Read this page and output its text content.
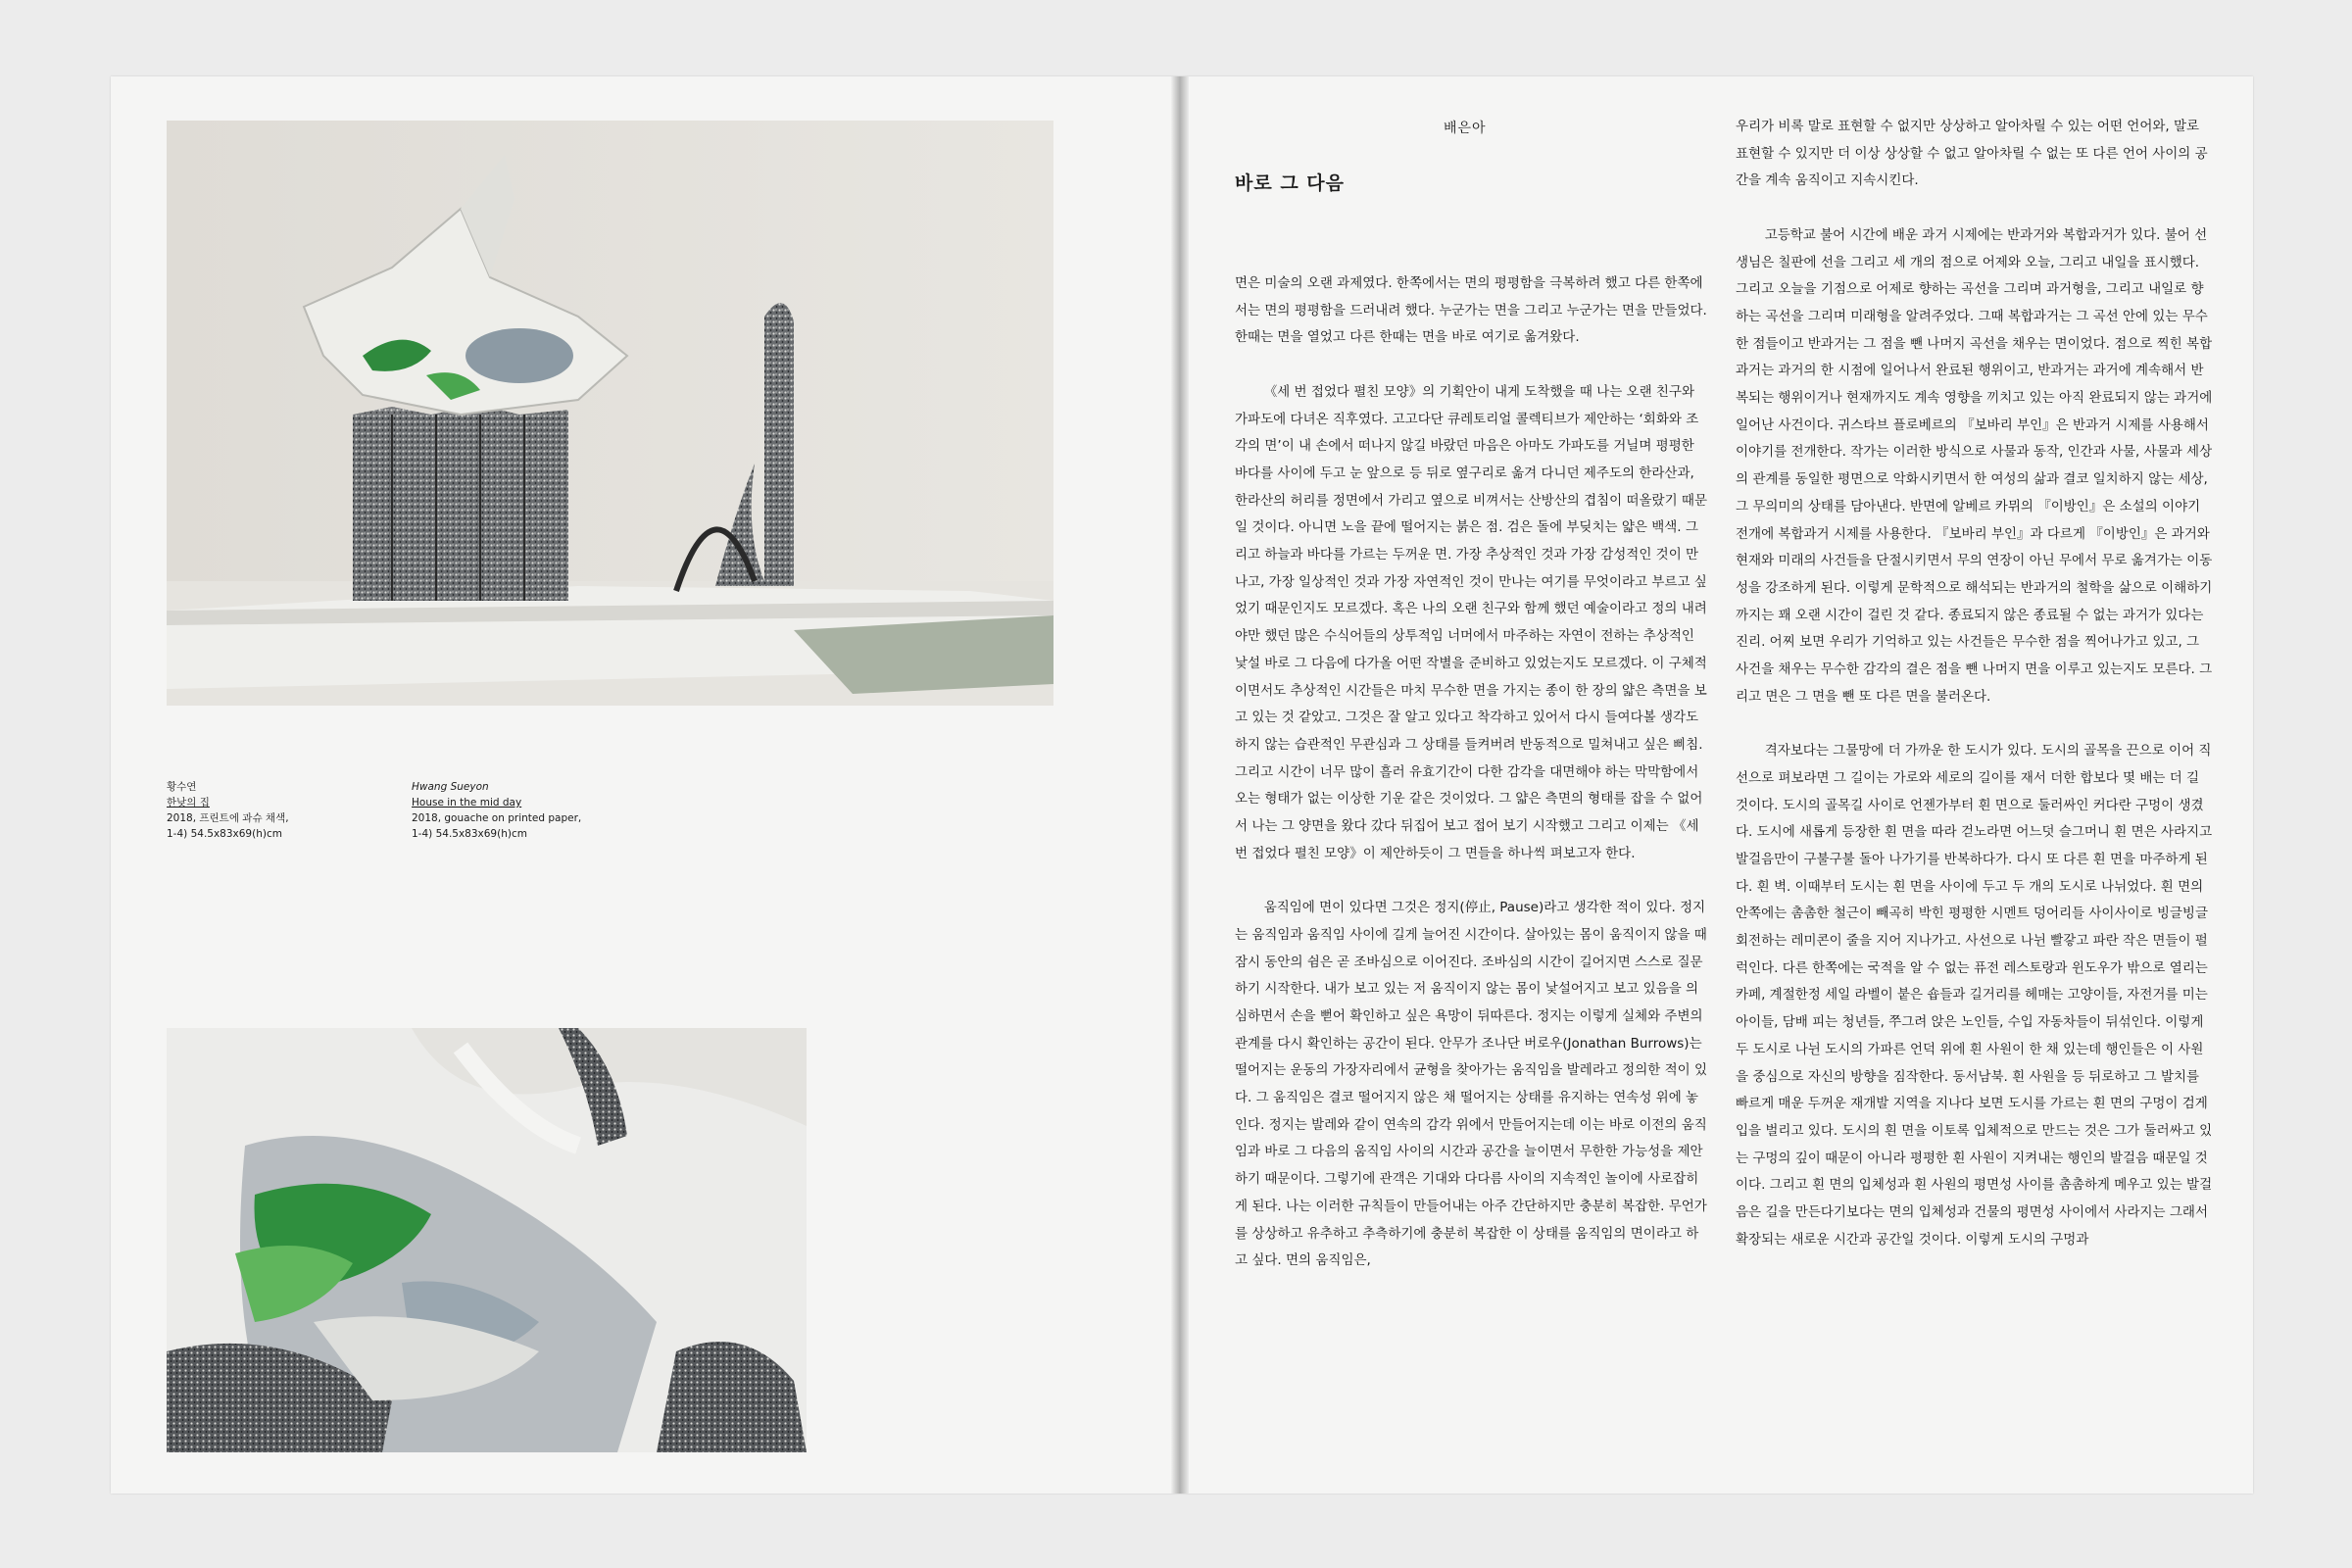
황수연
한낮의 집
2018, 프린트에 과슈 채색,
1-4) 54.5x83x69(h)cm
Hwang Sueyon
House in the mid day
2018, gouache on printed paper,
1-4) 54.5x83x69(h)cm
배은아
바로 그 다음

면은 미술의 오랜 과제였다. 한쪽에서는 면의 평평함을 극복하려 했고 다른 한쪽에서는 면의 평평함을 드러내려 했다. 누군가는 면을 그리고 누군가는 면을 만들었다. 한때는 면을 열었고 다른 한때는 면을 바로 여기로 옮겨왔다.

《세 번 접었다 펼친 모양》의 기획안이 내게 도착했을 때 나는 오랜 친구와 가파도에 다녀온 직후였다. 고고다단 큐레토리얼 콜렉티브가 제안하는 ‘회화와 조각의 면’이 내 손에서 떠나지 않길 바랐던 마음은 아마도 가파도를 거닐며 평평한 바다를 사이에 두고 눈 앞으로 등 뒤로 옆구리로 옮겨 다니던 제주도의 한라산과, 한라산의 허리를 정면에서 가리고 옆으로 비껴서는 산방산의 겹침이 떠올랐기 때문일 것이다. 아니면 노을 끝에 떨어지는 붉은 점. 검은 돌에 부딪치는 얇은 백색. 그리고 하늘과 바다를 가르는 두꺼운 면. 가장 추상적인 것과 가장 감성적인 것이 만나고, 가장 일상적인 것과 가장 자연적인 것이 만나는 여기를 무엇이라고 부르고 싶었기 때문인지도 모르겠다. 혹은 나의 오랜 친구와 함께 했던 예술이라고 정의 내려야만 했던 많은 수식어들의 상투적임 너머에서 마주하는 자연이 전하는 추상적인 낯설 바로 그 다음에 다가올 어떤 작별을 준비하고 있었는지도 모르겠다. 이 구체적이면서도 추상적인 시간들은 마치 무수한 면을 가지는 종이 한 장의 얇은 측면을 보고 있는 것 같았고. 그것은 잘 알고 있다고 착각하고 있어서 다시 들여다볼 생각도 하지 않는 습관적인 무관심과 그 상태를 들켜버려 반동적으로 밀쳐내고 싶은 삐침. 그리고 시간이 너무 많이 흘러 유효기간이 다한 감각을 대면해야 하는 막막함에서 오는 형태가 없는 이상한 기운 같은 것이었다. 그 얇은 측면의 형태를 잡을 수 없어서 나는 그 양면을 왔다 갔다 뒤집어 보고 접어 보기 시작했고 그리고 이제는 《세 번 접었다 펼친 모양》이 제안하듯이 그 면들을 하나씩 펴보고자 한다.

움직임에 면이 있다면 그것은 정지(停止, Pause)라고 생각한 적이 있다. 정지는 움직임과 움직임 사이에 길게 늘어진 시간이다. 살아있는 몸이 움직이지 않을 때 잠시 동안의 쉼은 곧 조바심으로 이어진다. 조바심의 시간이 길어지면 스스로 질문하기 시작한다. 내가 보고 있는 저 움직이지 않는 몸이 낯설어지고 보고 있음을 의심하면서 손을 뻗어 확인하고 싶은 욕망이 뒤따른다. 정지는 이렇게 실체와 주변의 관계를 다시 확인하는 공간이 된다. 안무가 조나단 버로우(Jonathan Burrows)는 떨어지는 운동의 가장자리에서 균형을 찾아가는 움직임을 발레라고 정의한 적이 있다. 그 움직임은 결코 떨어지지 않은 채 떨어지는 상태를 유지하는 연속성 위에 놓인다. 정지는 발레와 같이 연속의 감각 위에서 만들어지는데 이는 바로 이전의 움직임과 바로 그 다음의 움직임 사이의 시간과 공간을 늘이면서 무한한 가능성을 제안하기 때문이다. 그렇기에 관객은 기대와 다다름 사이의 지속적인 놀이에 사로잡히게 된다. 나는 이러한 규칙들이 만들어내는 아주 간단하지만 충분히 복잡한. 무언가를 상상하고 유추하고 추측하기에 충분히 복잡한 이 상태를 움직임의 면이라고 하고 싶다. 면의 움직임은,

우리가 비록 말로 표현할 수 없지만 상상하고 알아차릴 수 있는 어떤 언어와, 말로 표현할 수 있지만 더 이상 상상할 수 없고 알아차릴 수 없는 또 다른 언어 사이의 공간을 계속 움직이고 지속시킨다.

고등학교 불어 시간에 배운 과거 시제에는 반과거와 복합과거가 있다. 불어 선생님은 칠판에 선을 그리고 세 개의 점으로 어제와 오늘, 그리고 내일을 표시했다. 그리고 오늘을 기점으로 어제로 향하는 곡선을 그리며 과거형을, 그리고 내일로 향하는 곡선을 그리며 미래형을 알려주었다. 그때 복합과거는 그 곡선 안에 있는 무수한 점들이고 반과거는 그 점을 뺀 나머지 곡선을 채우는 면이었다. 점으로 찍힌 복합과거는 과거의 한 시점에 일어나서 완료된 행위이고, 반과거는 과거에 계속해서 반복되는 행위이거나 현재까지도 계속 영향을 끼치고 있는 아직 완료되지 않는 과거에 일어난 사건이다. 귀스타브 플로베르의 『보바리 부인』은 반과거 시제를 사용해서 이야기를 전개한다. 작가는 이러한 방식으로 사물과 동작, 인간과 사물, 사물과 세상의 관계를 동일한 평면으로 악화시키면서 한 여성의 삶과 결코 일치하지 않는 세상, 그 무의미의 상태를 담아낸다. 반면에 알베르 카뮈의 『이방인』은 소설의 이야기 전개에 복합과거 시제를 사용한다. 『보바리 부인』과 다르게 『이방인』은 과거와 현재와 미래의 사건들을 단절시키면서 무의 연장이 아닌 무에서 무로 옮겨가는 이동성을 강조하게 된다. 이렇게 문학적으로 해석되는 반과거의 철학을 삶으로 이해하기까지는 꽤 오랜 시간이 걸린 것 같다. 종료되지 않은 종료될 수 없는 과거가 있다는 진리. 어찌 보면 우리가 기억하고 있는 사건들은 무수한 점을 찍어나가고 있고, 그 사건을 채우는 무수한 감각의 결은 점을 뺀 나머지 면을 이루고 있는지도 모른다. 그리고 면은 그 면을 뺀 또 다른 면을 불러온다.

격자보다는 그물망에 더 가까운 한 도시가 있다. 도시의 골목을 끈으로 이어 직선으로 펴보라면 그 길이는 가로와 세로의 길이를 재서 더한 합보다 몇 배는 더 길 것이다. 도시의 골목길 사이로 언젠가부터 흰 면으로 둘러싸인 커다란 구멍이 생겼다. 도시에 새롭게 등장한 흰 면을 따라 걷노라면 어느덧 슬그머니 흰 면은 사라지고 발걸음만이 구불구불 돌아 나가기를 반복하다가. 다시 또 다른 흰 면을 마주하게 된다. 흰 벽. 이때부터 도시는 흰 면을 사이에 두고 두 개의 도시로 나뉘었다. 흰 면의 안쪽에는 촘촘한 철근이 빼곡히 박힌 평평한 시멘트 덩어리들 사이사이로 빙글빙글 회전하는 레미콘이 줄을 지어 지나가고. 사선으로 나뉜 빨갛고 파란 작은 면들이 펄럭인다. 다른 한쪽에는 국적을 알 수 없는 퓨전 레스토랑과 윈도우가 밖으로 열리는 카페, 계절한정 세일 라벨이 붙은 숍들과 길거리를 헤매는 고양이들, 자전거를 미는 아이들, 담배 피는 청년들, 쭈그려 앉은 노인들, 수입 자동차들이 뒤섞인다. 이렇게 두 도시로 나뉜 도시의 가파른 언덕 위에 흰 사원이 한 채 있는데 행인들은 이 사원을 중심으로 자신의 방향을 짐작한다. 동서남북. 흰 사원을 등 뒤로하고 그 발치를 빠르게 매운 두꺼운 재개발 지역을 지나다 보면 도시를 가르는 흰 면의 구멍이 검게 입을 벌리고 있다. 도시의 흰 면을 이토록 입체적으로 만드는 것은 그가 둘러싸고 있는 구멍의 깊이 때문이 아니라 평평한 흰 사원이 지켜내는 행인의 발걸음 때문일 것이다. 그리고 흰 면의 입체성과 흰 사원의 평면성 사이를 촘촘하게 메우고 있는 발걸음은 길을 만든다기보다는 면의 입체성과 건물의 평면성 사이에서 사라지는 그래서 확장되는 새로운 시간과 공간일 것이다. 이렇게 도시의 구멍과
